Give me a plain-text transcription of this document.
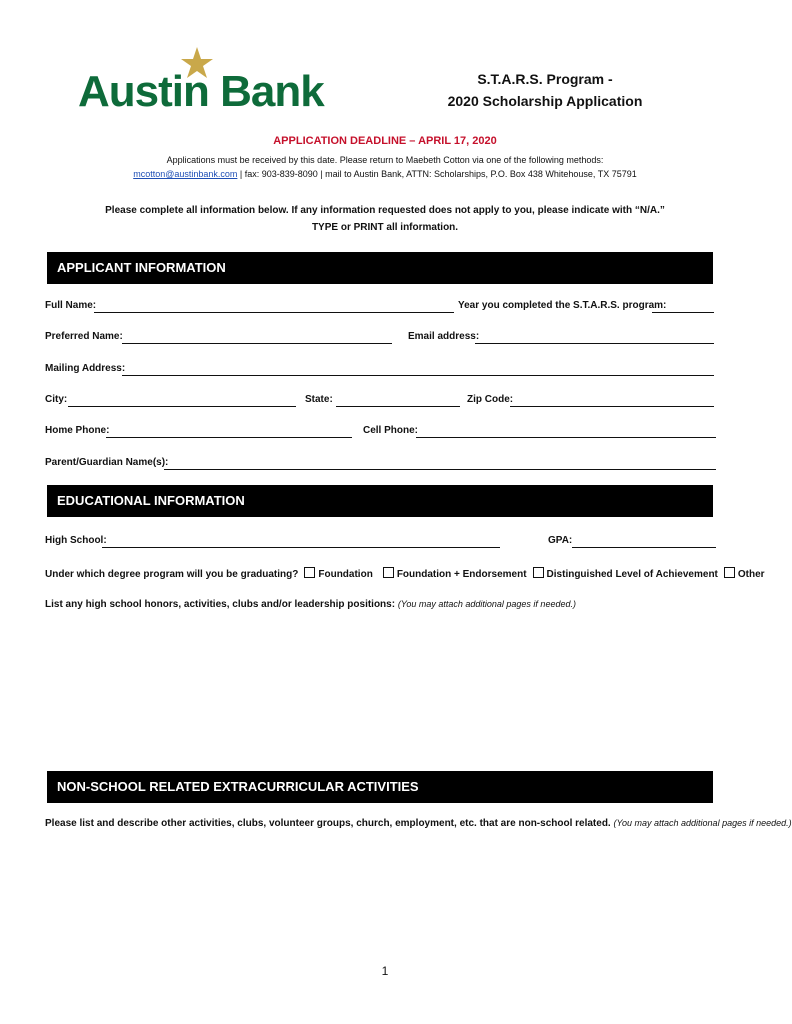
Austin Bank	S.T.A.R.S. Program -
2020 Scholarship Application
APPLICATION DEADLINE – APRIL 17, 2020
Applications must be received by this date. Please return to Maebeth Cotton via one of the following methods:
mcotton@austinbank.com | fax: 903-839-8090 | mail to Austin Bank, ATTN: Scholarships, P.O. Box 438 Whitehouse, TX 75791
Please complete all information below. If any information requested does not apply to you, please indicate with “N/A.”
TYPE or PRINT all information.
APPLICANT INFORMATION
Full Name:	Year you completed the S.T.A.R.S. program:
Preferred Name:	Email address:
Mailing Address:
City:	State:	Zip Code:
Home Phone:	Cell Phone:
Parent/Guardian Name(s):
EDUCATIONAL INFORMATION
High School:	GPA:
Under which degree program will you be graduating? Foundation Foundation + Endorsement Distinguished Level of Achievement Other
List any high school honors, activities, clubs and/or leadership positions: (You may attach additional pages if needed.)
NON-SCHOOL RELATED EXTRACURRICULAR ACTIVITIES
Please list and describe other activities, clubs, volunteer groups, church, employment, etc. that are non-school related. (You may attach additional pages if needed.)
1
